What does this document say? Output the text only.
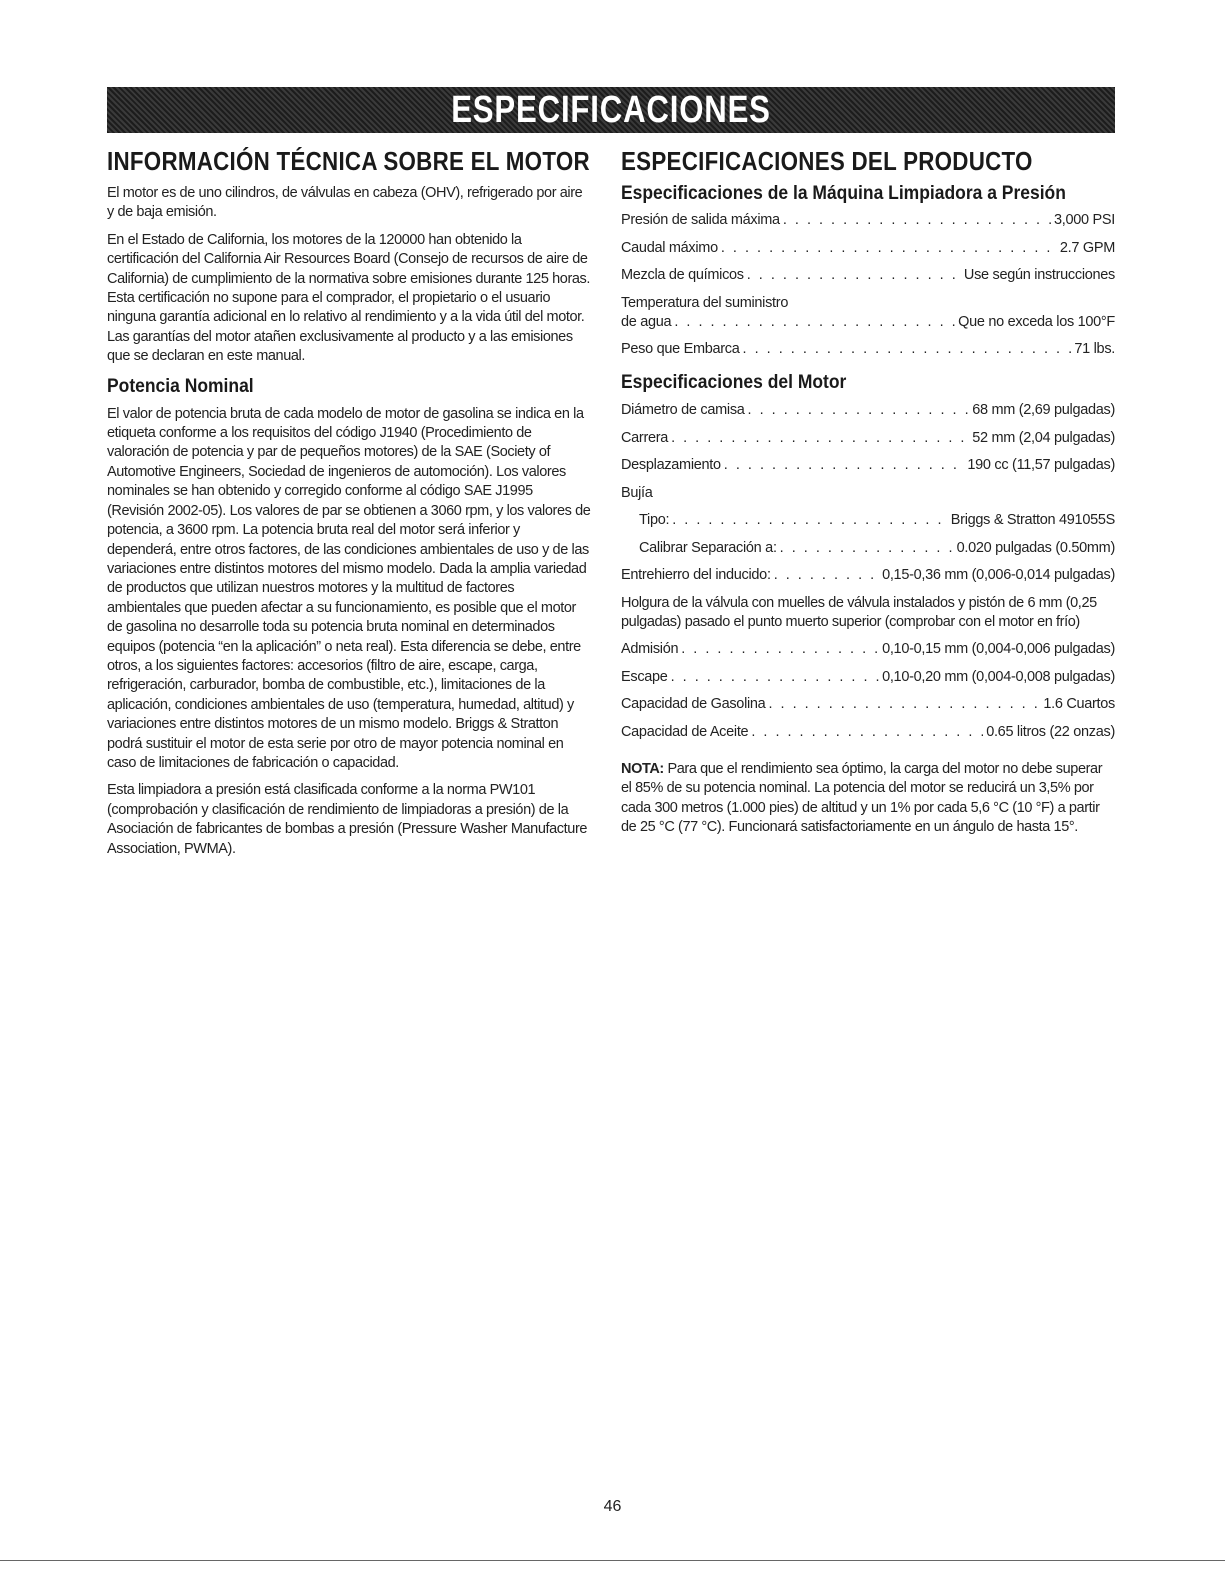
ESPECIFICACIONES
INFORMACIÓN TÉCNICA SOBRE EL MOTOR

El motor es de uno cilindros, de válvulas en cabeza (OHV), refrigerado por aire y de baja emisión.

En el Estado de California, los motores de la 120000 han obtenido la certificación del California Air Resources Board (Consejo de recursos de aire de California) de cumplimiento de la normativa sobre emisiones durante 125 horas. Esta certificación no supone para el comprador, el propietario o el usuario ninguna garantía adicional en lo relativo al rendimiento y a la vida útil del motor. Las garantías del motor atañen exclusivamente al producto y a las emisiones que se declaran en este manual.

Potencia Nominal

El valor de potencia bruta de cada modelo de motor de gasolina se indica en la etiqueta conforme a los requisitos del código J1940 (Procedimiento de valoración de potencia y par de pequeños motores) de la SAE (Society of Automotive Engineers, Sociedad de ingenieros de automoción). Los valores nominales se han obtenido y corregido conforme al código SAE J1995 (Revisión 2002-05). Los valores de par se obtienen a 3060 rpm, y los valores de potencia, a 3600 rpm. La potencia bruta real del motor será inferior y dependerá, entre otros factores, de las condiciones ambientales de uso y de las variaciones entre distintos motores del mismo modelo. Dada la amplia variedad de productos que utilizan nuestros motores y la multitud de factores ambientales que pueden afectar a su funcionamiento, es posible que el motor de gasolina no desarrolle toda su potencia bruta nominal en determinados equipos (potencia “en la aplicación” o neta real). Esta diferencia se debe, entre otros, a los siguientes factores: accesorios (filtro de aire, escape, carga, refrigeración, carburador, bomba de combustible, etc.), limitaciones de la aplicación, condiciones ambientales de uso (temperatura, humedad, altitud) y variaciones entre distintos motores de un mismo modelo. Briggs & Stratton podrá sustituir el motor de esta serie por otro de mayor potencia nominal en caso de limitaciones de fabricación o capacidad.

Esta limpiadora a presión está clasificada conforme a la norma PW101 (comprobación y clasificación de rendimiento de limpiadoras a presión) de la Asociación de fabricantes de bombas a presión (Pressure Washer Manufacture Association, PWMA).

ESPECIFICACIONES DEL PRODUCTO
Especificaciones de la Máquina Limpiadora a Presión
Presión de salida máxima . . .	3,000 PSI
Caudal máximo . . .	2.7 GPM
Mezcla de químicos . . .	Use según instrucciones
Temperatura del suministro
de agua . . .	Que no exceda los 100°F
Peso que Embarca . . .	71 lbs.
Especificaciones del Motor
Diámetro de camisa . . .	68 mm (2,69 pulgadas)
Carrera . . .	52 mm (2,04 pulgadas)
Desplazamiento . . .	190 cc (11,57 pulgadas)
Bujía
Tipo: . . .	Briggs & Stratton 491055S
Calibrar Separación a: . . .	0.020 pulgadas (0.50mm)
Entrehierro del inducido: . . .	0,15-0,36 mm (0,006-0,014 pulgadas)

Holgura de la válvula con muelles de válvula instalados y pistón de 6 mm (0,25 pulgadas) pasado el punto muerto superior (comprobar con el motor en frío)

Admisión . . .	0,10-0,15 mm (0,004-0,006 pulgadas)
Escape . . .	0,10-0,20 mm (0,004-0,008 pulgadas)
Capacidad de Gasolina . . .	1.6 Cuartos
Capacidad de Aceite . . .	0.65 litros (22 onzas)

NOTA: Para que el rendimiento sea óptimo, la carga del motor no debe superar el 85% de su potencia nominal. La potencia del motor se reducirá un 3,5% por cada 300 metros (1.000 pies) de altitud y un 1% por cada 5,6 °C (10 °F) a partir de 25 °C (77 °C). Funcionará satisfactoriamente en un ángulo de hasta 15°.

46
